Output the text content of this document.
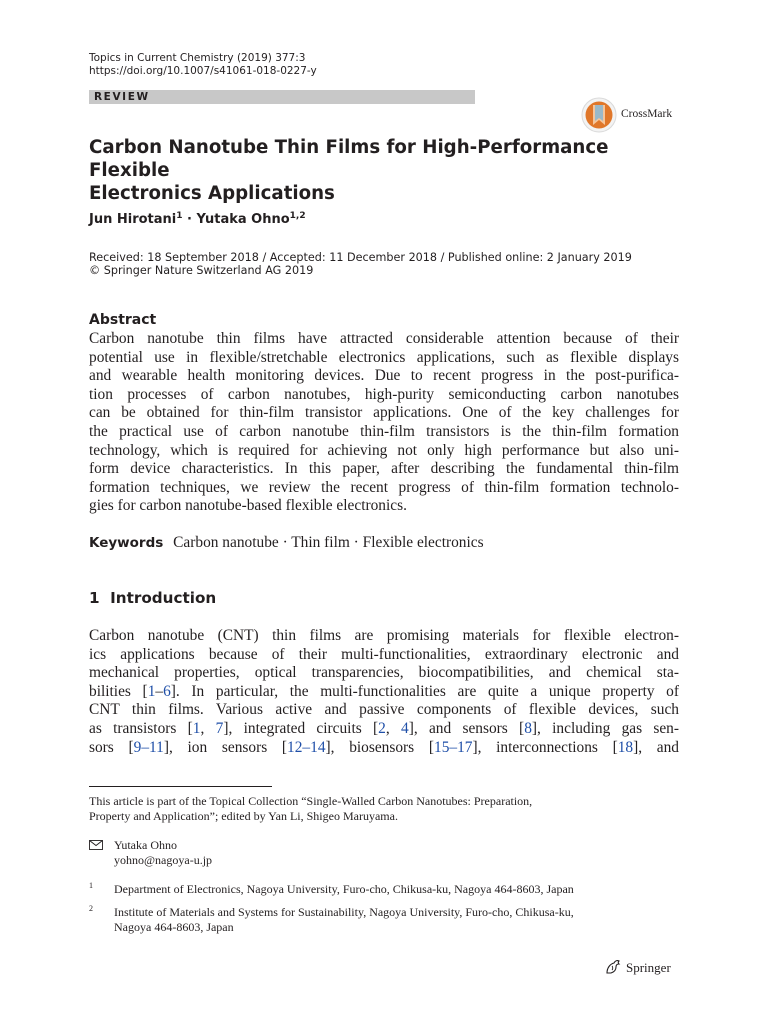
Topics in Current Chemistry (2019) 377:3
https://doi.org/10.1007/s41061-018-0227-y
REVIEW
CrossMark
Carbon Nanotube Thin Films for High-Performance Flexible
Electronics Applications
Jun Hirotani$^1$ · Yutaka Ohno$^{1,2}$
Received: 18 September 2018 / Accepted: 11 December 2018 / Published online: 2 January 2019
© Springer Nature Switzerland AG 2019
Abstract
Carbon nanotube thin films have attracted considerable attention because of their
potential use in flexible/stretchable electronics applications, such as flexible displays
and wearable health monitoring devices. Due to recent progress in the post-purifica-
tion processes of carbon nanotubes, high-purity semiconducting carbon nanotubes
can be obtained for thin-film transistor applications. One of the key challenges for
the practical use of carbon nanotube thin-film transistors is the thin-film formation
technology, which is required for achieving not only high performance but also uni-
form device characteristics. In this paper, after describing the fundamental thin-film
formation techniques, we review the recent progress of thin-film formation technolo-
gies for carbon nanotube-based flexible electronics.
Keywords Carbon nanotube · Thin film · Flexible electronics
1  Introduction
Carbon nanotube (CNT) thin films are promising materials for flexible electron-
ics applications because of their multi-functionalities, extraordinary electronic and
mechanical properties, optical transparencies, biocompatibilities, and chemical sta-
bilities [1–6]. In particular, the multi-functionalities are quite a unique property of
CNT thin films. Various active and passive components of flexible devices, such
as transistors [1, 7], integrated circuits [2, 4], and sensors [8], including gas sen-
sors [9–11], ion sensors [12–14], biosensors [15–17], interconnections [18], and
This article is part of the Topical Collection “Single-Walled Carbon Nanotubes: Preparation,
Property and Application”; edited by Yan Li, Shigeo Maruyama.
Yutaka Ohno
yohno@nagoya-u.jp
1 Department of Electronics, Nagoya University, Furo-cho, Chikusa-ku, Nagoya 464-8603, Japan
2 Institute of Materials and Systems for Sustainability, Nagoya University, Furo-cho, Chikusa-ku,
Nagoya 464-8603, Japan
Springer
